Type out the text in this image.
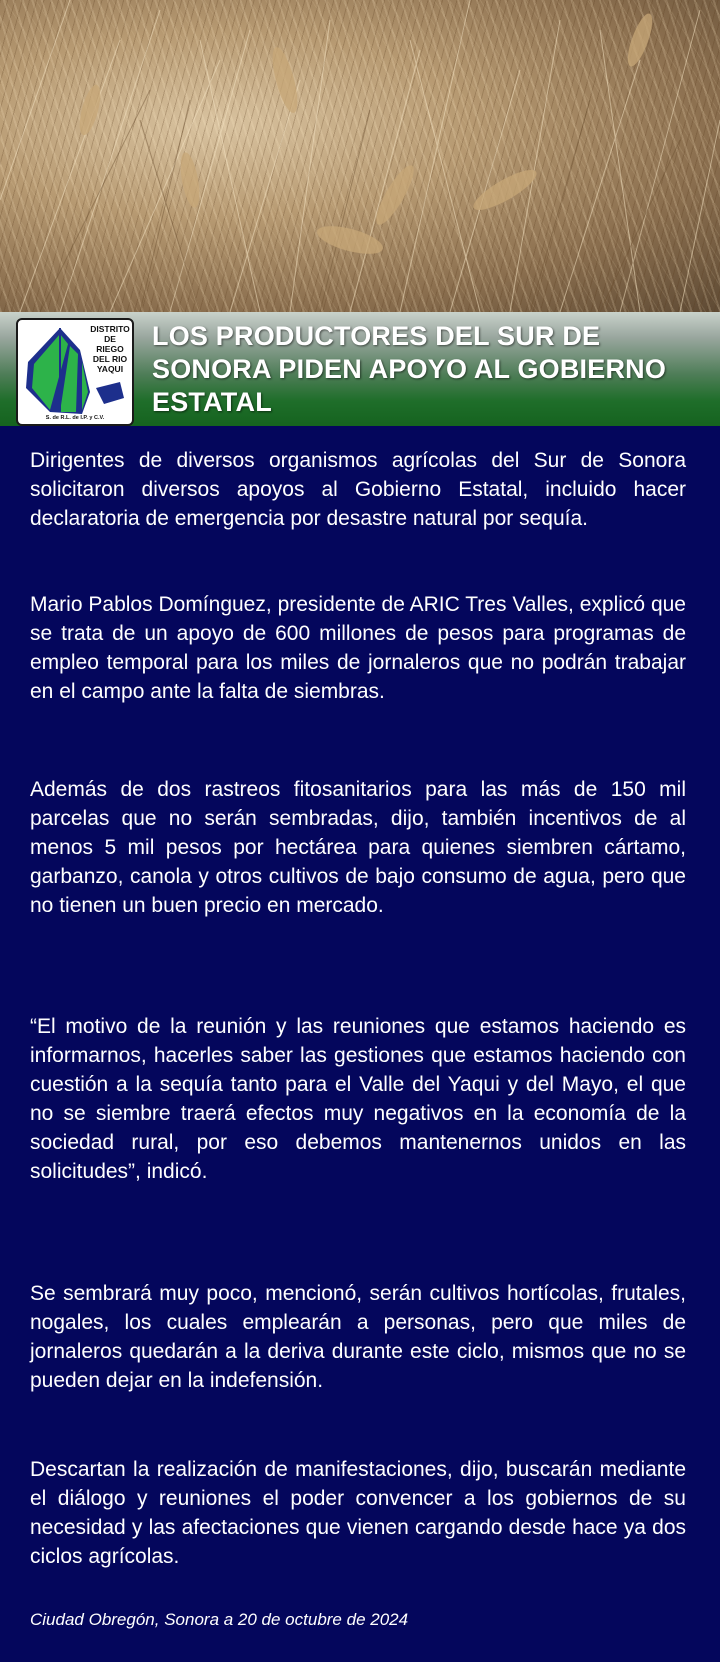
DISTRITO
DE RIEGO
DEL RIO
YAQUI
S. de R.L. de I.P. y C.V.
LOS PRODUCTORES DEL SUR DE SONORA PIDEN APOYO AL GOBIERNO ESTATAL

Dirigentes de diversos organismos agrícolas del Sur de Sonora solicitaron diversos apoyos al Gobierno Estatal, incluido hacer declaratoria de emergencia por desastre natural por sequía.

Mario Pablos Domínguez, presidente de ARIC Tres Valles, explicó que se trata de un apoyo de 600 millones de pesos para programas de empleo temporal para los miles de jornaleros que no podrán trabajar en el campo ante la falta de siembras.

Además de dos rastreos fitosanitarios para las más de 150 mil parcelas que no serán sembradas, dijo, también incentivos de al menos 5 mil pesos por hectárea para quienes siembren cártamo, garbanzo, canola y otros cultivos de bajo consumo de agua, pero que no tienen un buen precio en mercado.

“El motivo de la reunión y las reuniones que estamos haciendo es informarnos, hacerles saber las gestiones que estamos haciendo con cuestión a la sequía tanto para el Valle del Yaqui y del Mayo, el que no se siembre traerá efectos muy negativos en la economía de la sociedad rural, por eso debemos mantenernos unidos en las solicitudes”, indicó.

Se sembrará muy poco, mencionó, serán cultivos hortícolas, frutales, nogales, los cuales emplearán a personas, pero que miles de jornaleros quedarán a la deriva durante este ciclo, mismos que no se pueden dejar en la indefensión.

Descartan la realización de manifestaciones, dijo, buscarán mediante el diálogo y reuniones el poder convencer a los gobiernos de su necesidad y las afectaciones que vienen cargando desde hace ya dos ciclos agrícolas.

Ciudad Obregón, Sonora a 20 de octubre de 2024
